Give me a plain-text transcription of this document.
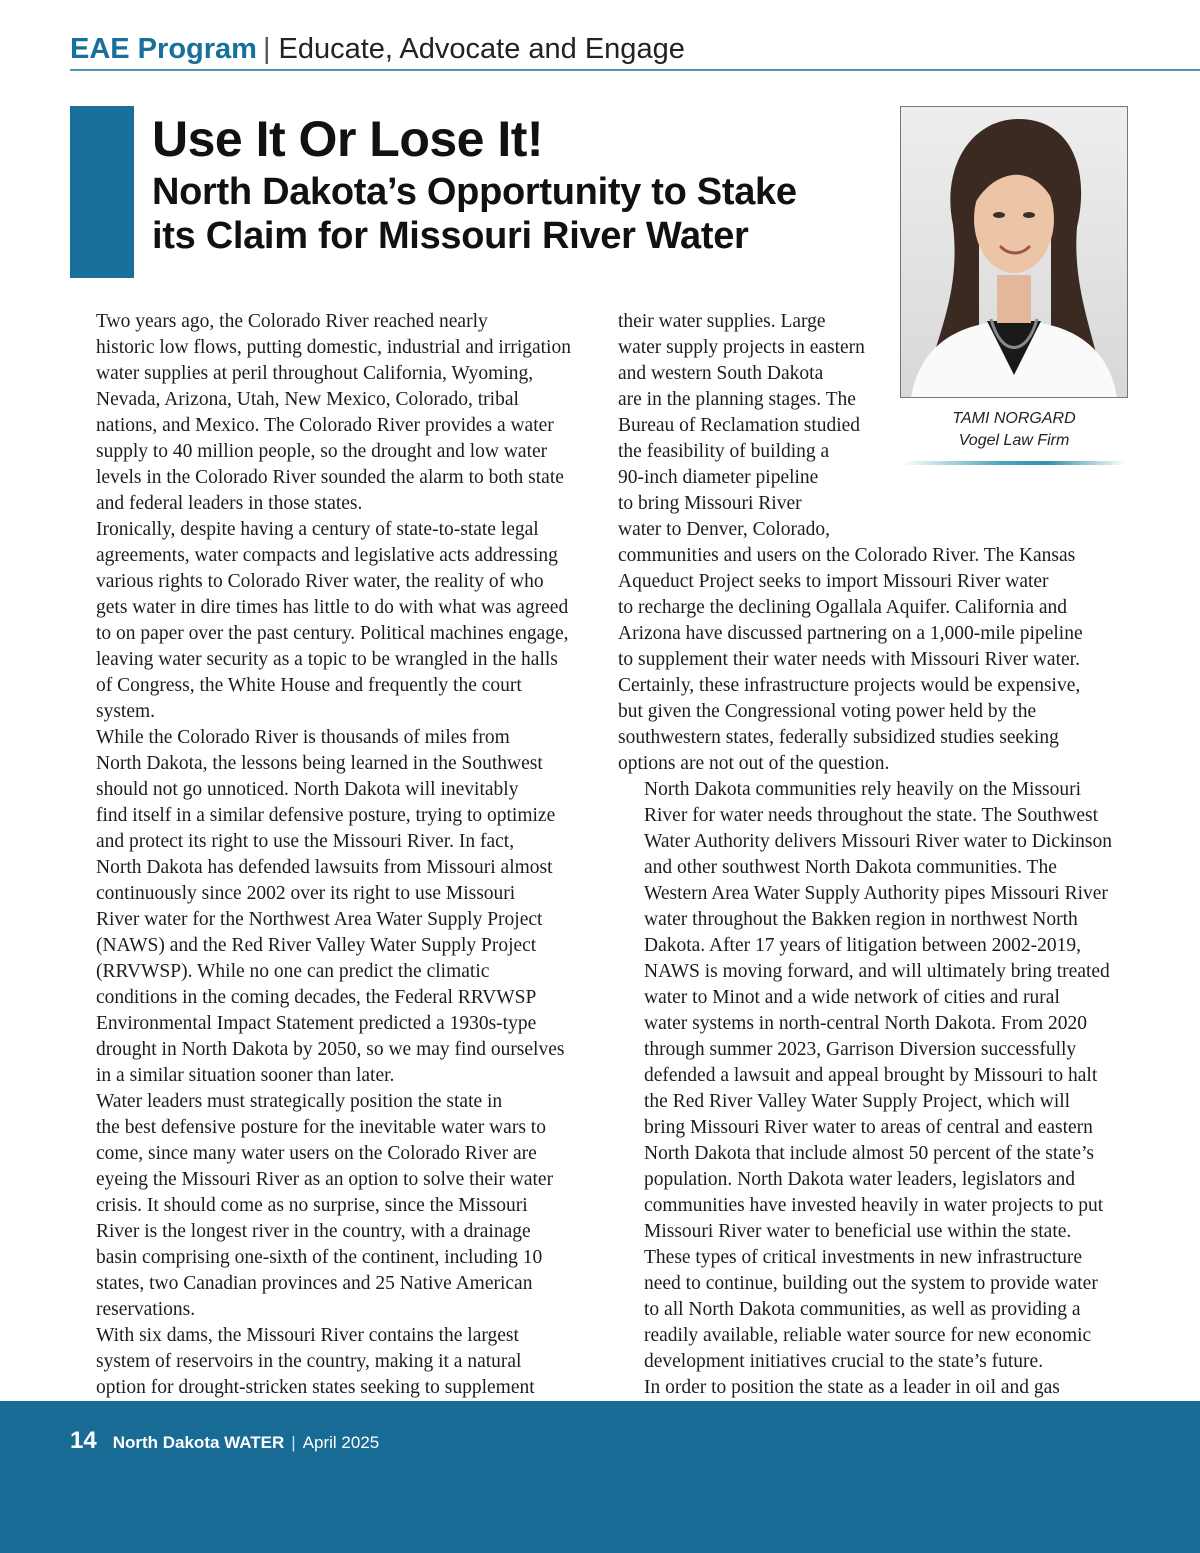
EAE Program | Educate, Advocate and Engage
Use It Or Lose It!
North Dakota’s Opportunity to Stake
its Claim for Missouri River Water
TAMI NORGARD
Vogel Law Firm

Two years ago, the Colorado River reached nearly
historic low flows, putting domestic, industrial and irrigation
water supplies at peril throughout California, Wyoming,
Nevada, Arizona, Utah, New Mexico, Colorado, tribal
nations, and Mexico. The Colorado River provides a water
supply to 40 million people, so the drought and low water
levels in the Colorado River sounded the alarm to both state
and federal leaders in those states.

Ironically, despite having a century of state-to-state legal
agreements, water compacts and legislative acts addressing
various rights to Colorado River water, the reality of who
gets water in dire times has little to do with what was agreed
to on paper over the past century. Political machines engage,
leaving water security as a topic to be wrangled in the halls
of Congress, the White House and frequently the court
system.

While the Colorado River is thousands of miles from
North Dakota, the lessons being learned in the Southwest
should not go unnoticed. North Dakota will inevitably
find itself in a similar defensive posture, trying to optimize
and protect its right to use the Missouri River. In fact,
North Dakota has defended lawsuits from Missouri almost
continuously since 2002 over its right to use Missouri
River water for the Northwest Area Water Supply Project
(NAWS) and the Red River Valley Water Supply Project
(RRVWSP). While no one can predict the climatic
conditions in the coming decades, the Federal RRVWSP
Environmental Impact Statement predicted a 1930s-type
drought in North Dakota by 2050, so we may find ourselves
in a similar situation sooner than later.

Water leaders must strategically position the state in
the best defensive posture for the inevitable water wars to
come, since many water users on the Colorado River are
eyeing the Missouri River as an option to solve their water
crisis. It should come as no surprise, since the Missouri
River is the longest river in the country, with a drainage
basin comprising one-sixth of the continent, including 10
states, two Canadian provinces and 25 Native American
reservations.

With six dams, the Missouri River contains the largest
system of reservoirs in the country, making it a natural
option for drought-stricken states seeking to supplement

their water supplies. Large
water supply projects in eastern
and western South Dakota
are in the planning stages. The
Bureau of Reclamation studied
the feasibility of building a
90-inch diameter pipeline
to bring Missouri River
water to Denver, Colorado,
communities and users on the Colorado River. The Kansas
Aqueduct Project seeks to import Missouri River water
to recharge the declining Ogallala Aquifer. California and
Arizona have discussed partnering on a 1,000-mile pipeline
to supplement their water needs with Missouri River water.
Certainly, these infrastructure projects would be expensive,
but given the Congressional voting power held by the
southwestern states, federally subsidized studies seeking
options are not out of the question.

North Dakota communities rely heavily on the Missouri
River for water needs throughout the state. The Southwest
Water Authority delivers Missouri River water to Dickinson
and other southwest North Dakota communities. The
Western Area Water Supply Authority pipes Missouri River
water throughout the Bakken region in northwest North
Dakota. After 17 years of litigation between 2002-2019,
NAWS is moving forward, and will ultimately bring treated
water to Minot and a wide network of cities and rural
water systems in north-central North Dakota. From 2020
through summer 2023, Garrison Diversion successfully
defended a lawsuit and appeal brought by Missouri to halt
the Red River Valley Water Supply Project, which will
bring Missouri River water to areas of central and eastern
North Dakota that include almost 50 percent of the state’s
population. North Dakota water leaders, legislators and
communities have invested heavily in water projects to put
Missouri River water to beneficial use within the state.
These types of critical investments in new infrastructure
need to continue, building out the system to provide water
to all North Dakota communities, as well as providing a
readily available, reliable water source for new economic
development initiatives crucial to the state’s future.

In order to position the state as a leader in oil and gas

14 North Dakota WATER | April 2025
